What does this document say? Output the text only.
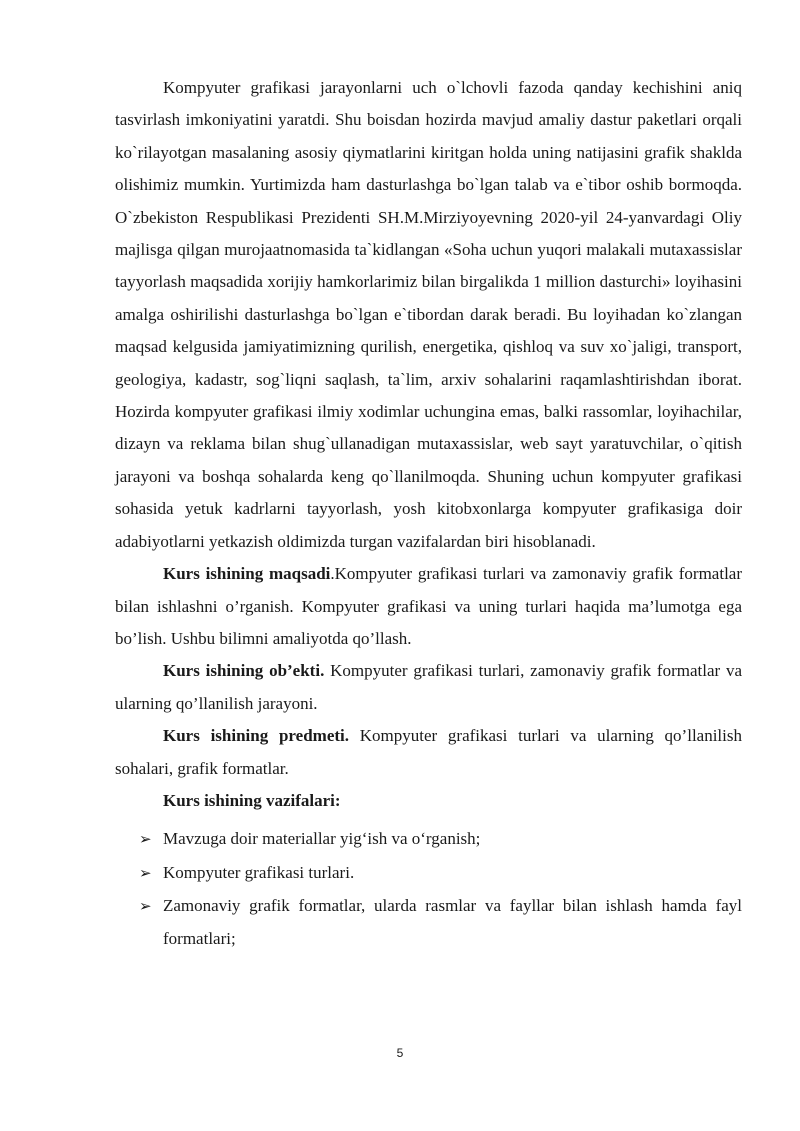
Kompyuter grafikasi jarayonlarni uch o`lchovli fazoda qanday kechishini aniq tasvirlash imkoniyatini yaratdi. Shu boisdan hozirda mavjud amaliy dastur paketlari orqali ko`rilayotgan masalaning asosiy qiymatlarini kiritgan holda uning natijasini grafik shaklda olishimiz mumkin. Yurtimizda ham dasturlashga bo`lgan talab va e`tibor oshib bormoqda. O`zbekiston Respublikasi Prezidenti SH.M.Mirziyoyevning 2020-yil 24-yanvardagi Oliy majlisga qilgan murojaatnomasida ta`kidlangan «Soha uchun yuqori malakali mutaxassislar tayyorlash maqsadida xorijiy hamkorlarimiz bilan birgalikda 1 million dasturchi» loyihasini amalga oshirilishi dasturlashga bo`lgan e`tibordan darak beradi. Bu loyihadan ko`zlangan maqsad kelgusida jamiyatimizning qurilish, energetika, qishloq va suv xo`jaligi, transport, geologiya, kadastr, sog`liqni saqlash, ta`lim, arxiv sohalarini raqamlashtirishdan iborat. Hozirda kompyuter grafikasi ilmiy xodimlar uchungina emas, balki rassomlar, loyihachilar, dizayn va reklama bilan shug`ullanadigan mutaxassislar, web sayt yaratuvchilar, o`qitish jarayoni va boshqa sohalarda keng qo`llanilmoqda. Shuning uchun kompyuter grafikasi sohasida yetuk kadrlarni tayyorlash, yosh kitobxonlarga kompyuter grafikasiga doir adabiyotlarni yetkazish oldimizda turgan vazifalardan biri hisoblanadi.

Kurs ishining maqsadi.Kompyuter grafikasi turlari va zamonaviy grafik formatlar bilan ishlashni o’rganish. Kompyuter grafikasi va uning turlari haqida ma’lumotga ega bo’lish. Ushbu bilimni amaliyotda qo’llash.

Kurs ishining ob’ekti. Kompyuter grafikasi turlari, zamonaviy grafik formatlar va ularning qo’llanilish jarayoni.

Kurs ishining predmeti. Kompyuter grafikasi turlari va ularning qo’llanilish sohalari, grafik formatlar.

Kurs ishining vazifalari:

➢ Mavzuga doir materiallar yig‘ish va o‘rganish;
➢ Kompyuter grafikasi turlari.
➢ Zamonaviy grafik formatlar, ularda rasmlar va fayllar bilan ishlash hamda fayl formatlari;
5
